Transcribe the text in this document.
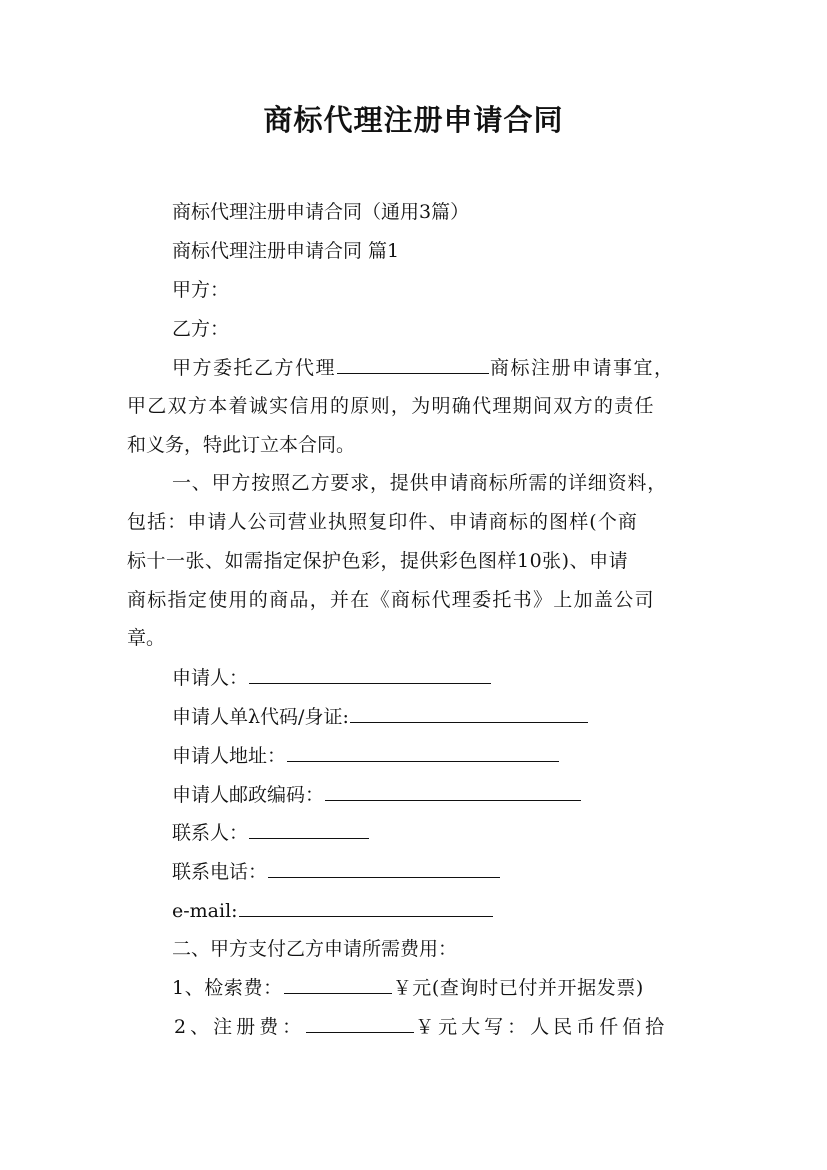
商标代理注册申请合同
商标代理注册申请合同（通用3篇）
商标代理注册申请合同 篇1
甲方：
乙方：
甲方委托乙方代理	商标注册申请事宜，
甲乙双方本着诚实信用的原则，为明确代理期间双方的责任
和义务，特此订立本合同。
一、甲方按照乙方要求，提供申请商标所需的详细资料，
包括：申请人公司营业执照复印件、申请商标的图样(个商
标十一张、如需指定保护色彩，提供彩色图样10张)、申请
商标指定使用的商品，并在《商标代理委托书》上加盖公司
章。
申请人：
申请人单λ代码/身证:
申请人地址：
申请人邮政编码：
联系人：
联系电话：
e-mail:
二、甲方支付乙方申请所需费用：
1、检索费：	￥元(查询时已付并开据发票)
2、注册费：	￥元大写：人民币仟佰拾
